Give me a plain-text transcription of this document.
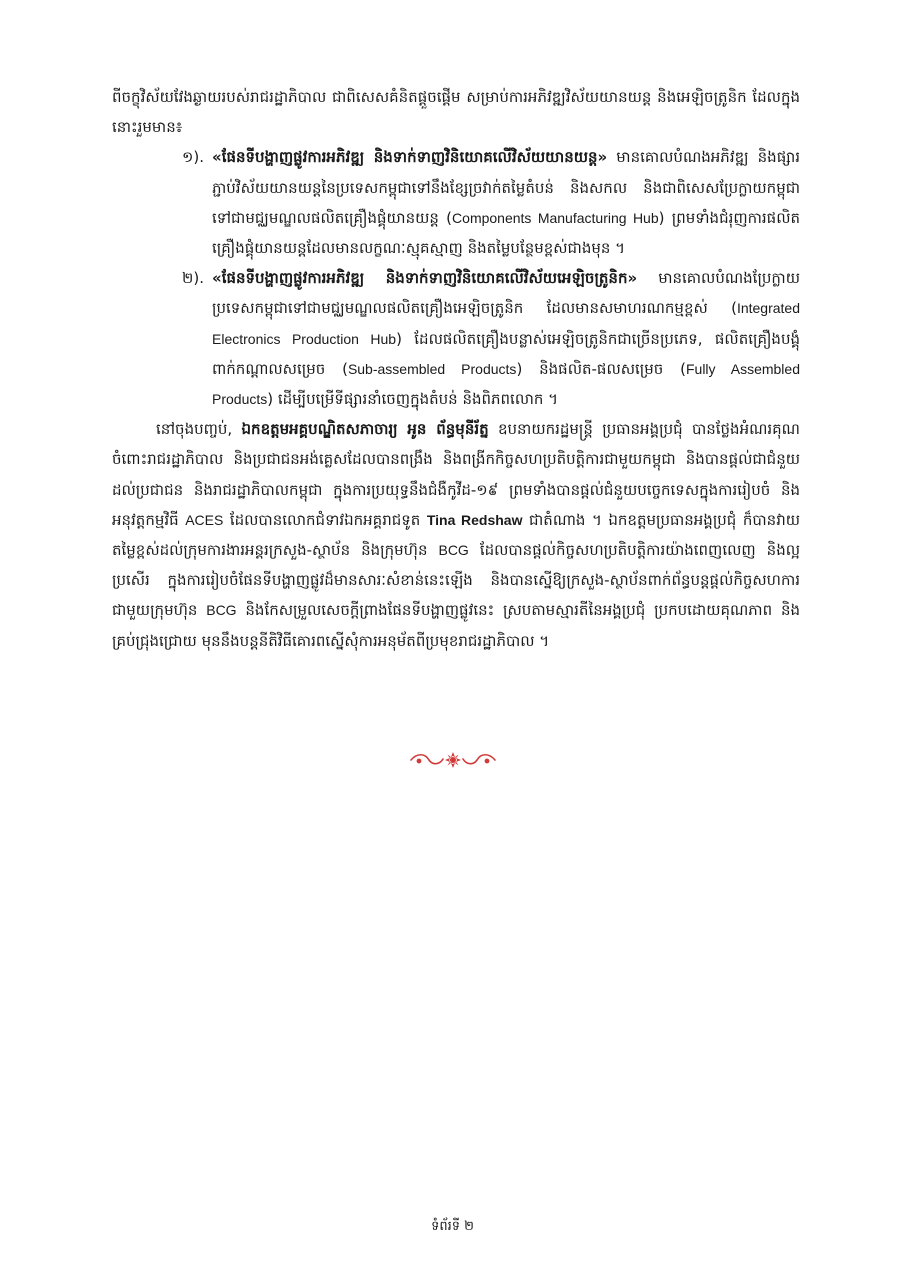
ពីចក្ខុវិស័យវែងឆ្ងាយរបស់រាជរដ្ឋាភិបាល ជាពិសេសគំនិតផ្ដួចផ្ដើម សម្រាប់ការអភិវឌ្ឍវិស័យយានយន្ត និងអេឡិចត្រូនិក ដែលក្នុងនោះរួមមាន៖

១). «ផែនទីបង្ហាញផ្លូវការអភិវឌ្ឍ និងទាក់ទាញវិនិយោគលើវិស័យយានយន្ត» មានគោលបំណងអភិវឌ្ឍ និងផ្សារភ្ជាប់វិស័យយានយន្តនៃប្រទេសកម្ពុជាទៅនឹងខ្សែច្រវាក់តម្លៃតំបន់ និងសកល និងជាពិសេសប្រែក្លាយកម្ពុជាទៅជាមជ្ឈមណ្ឌលផលិតគ្រឿងផ្គុំយានយន្ត (Components Manufacturing Hub) ព្រមទាំងជំរុញការផលិតគ្រឿងផ្គុំយានយន្តដែលមានលក្ខណៈស្មុគស្មាញ និងតម្លៃបន្ថែមខ្ពស់ជាងមុន ។

២). «ផែនទីបង្ហាញផ្លូវការអភិវឌ្ឍ និងទាក់ទាញវិនិយោគលើវិស័យអេឡិចត្រូនិក» មានគោលបំណងប្រែក្លាយប្រទេសកម្ពុជាទៅជាមជ្ឈមណ្ឌលផលិតគ្រឿងអេឡិចត្រូនិក ដែលមានសមាហរណកម្មខ្ពស់ (Integrated Electronics Production Hub) ដែលផលិតគ្រឿងបន្លាស់អេឡិចត្រូនិកជាច្រើនប្រភេទ, ផលិតគ្រឿងបង្គុំពាក់កណ្ដាលសម្រេច (Sub-assembled Products) និងផលិត-ផលសម្រេច (Fully Assembled Products) ដើម្បីបម្រើទីផ្សារនាំចេញក្នុងតំបន់ និងពិភពលោក ។

នៅចុងបញ្ចប់, ឯកឧត្តមអគ្គបណ្ឌិតសភាចារ្យ អូន ព័ន្ធមុនីរ័ត្ន ឧបនាយករដ្ឋមន្ត្រី ប្រធានអង្គប្រជុំ បានថ្លែងអំណរគុណចំពោះរាជរដ្ឋាភិបាល និងប្រជាជនអង់គ្លេសដែលបានពង្រឹង និងពង្រីកកិច្ចសហប្រតិបត្តិការជាមួយកម្ពុជា និងបានផ្ដល់ជាជំនួយដល់ប្រជាជន និងរាជរដ្ឋាភិបាលកម្ពុជា ក្នុងការប្រយុទ្ធនឹងជំងឺកូវីដ-១៩ ព្រមទាំងបានផ្ដល់ជំនួយបច្ចេកទេសក្នុងការរៀបចំ និងអនុវត្តកម្មវិធី ACES ដែលបានលោកជំទាវឯកអគ្គរាជទូត Tina Redshaw ជាតំណាង ។ ឯកឧត្តមប្រធានអង្គប្រជុំ ក៏បានវាយតម្លៃខ្ពស់ដល់ក្រុមការងារអន្តរក្រសួង-ស្ថាប័ន និងក្រុមហ៊ុន BCG ដែលបានផ្ដល់កិច្ចសហប្រតិបត្តិការយ៉ាងពេញលេញ និងល្អប្រសើរ ក្នុងការរៀបចំផែនទីបង្ហាញផ្លូវដ៏មានសារៈសំខាន់នេះឡើង និងបានស្នើឱ្យក្រសួង-ស្ថាប័នពាក់ព័ន្ធបន្តផ្ដល់កិច្ចសហការជាមួយក្រុមហ៊ុន BCG និងកែសម្រួលសេចក្ដីព្រាងផែនទីបង្ហាញផ្លូវនេះ ស្របតាមស្មារតីនៃអង្គប្រជុំ ប្រកបដោយគុណភាព និងគ្រប់ជ្រុងជ្រោយ មុននឹងបន្តនីតិវិធីគោរពស្នើសុំការអនុម័តពីប្រមុខរាជរដ្ឋាភិបាល ។

ទំព័រទី ២
